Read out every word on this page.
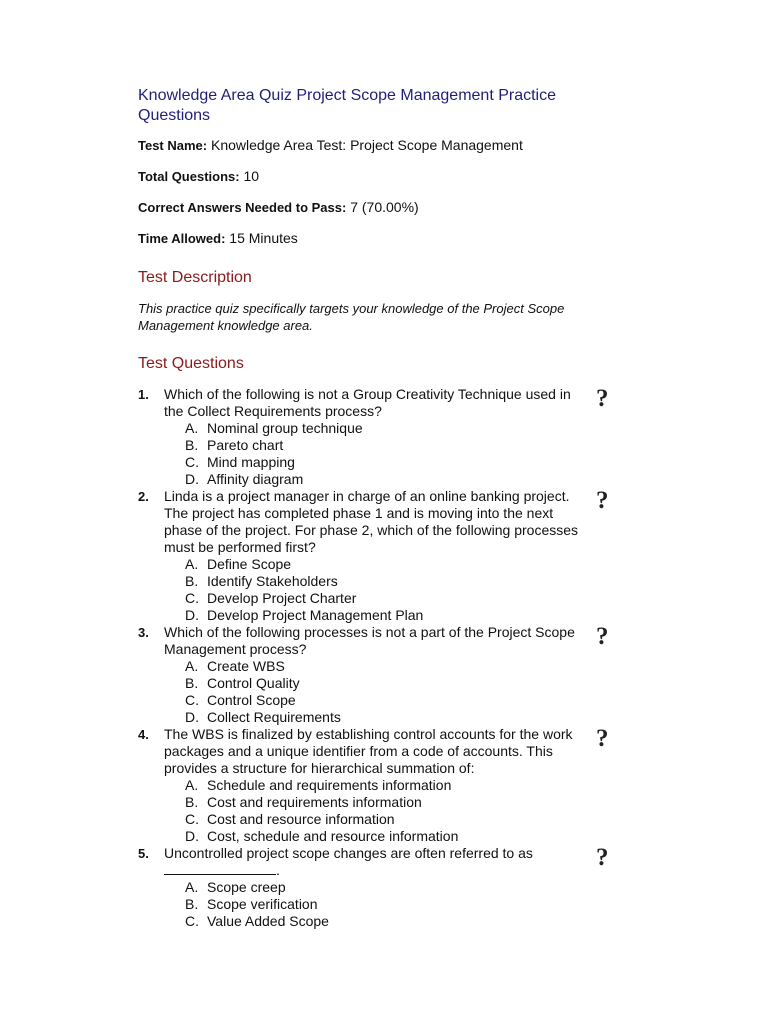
Knowledge Area Quiz Project Scope Management Practice Questions

Test Name: Knowledge Area Test: Project Scope Management

Total Questions: 10

Correct Answers Needed to Pass: 7 (70.00%)

Time Allowed: 15 Minutes

Test Description

This practice quiz specifically targets your knowledge of the Project Scope Management knowledge area.

Test Questions
1. Which of the following is not a Group Creativity Technique used in the Collect Requirements process?
A. Nominal group technique
B. Pareto chart
C. Mind mapping
D. Affinity diagram
?
2. Linda is a project manager in charge of an online banking project. The project has completed phase 1 and is moving into the next phase of the project. For phase 2, which of the following processes must be performed first?
A. Define Scope
B. Identify Stakeholders
C. Develop Project Charter
D. Develop Project Management Plan
?
3. Which of the following processes is not a part of the Project Scope Management process?
A. Create WBS
B. Control Quality
C. Control Scope
D. Collect Requirements
?
4. The WBS is finalized by establishing control accounts for the work packages and a unique identifier from a code of accounts. This provides a structure for hierarchical summation of:
A. Schedule and requirements information
B. Cost and requirements information
C. Cost and resource information
D. Cost, schedule and resource information
?
5. Uncontrolled project scope changes are often referred to as
.
A. Scope creep
B. Scope verification
C. Value Added Scope
?
